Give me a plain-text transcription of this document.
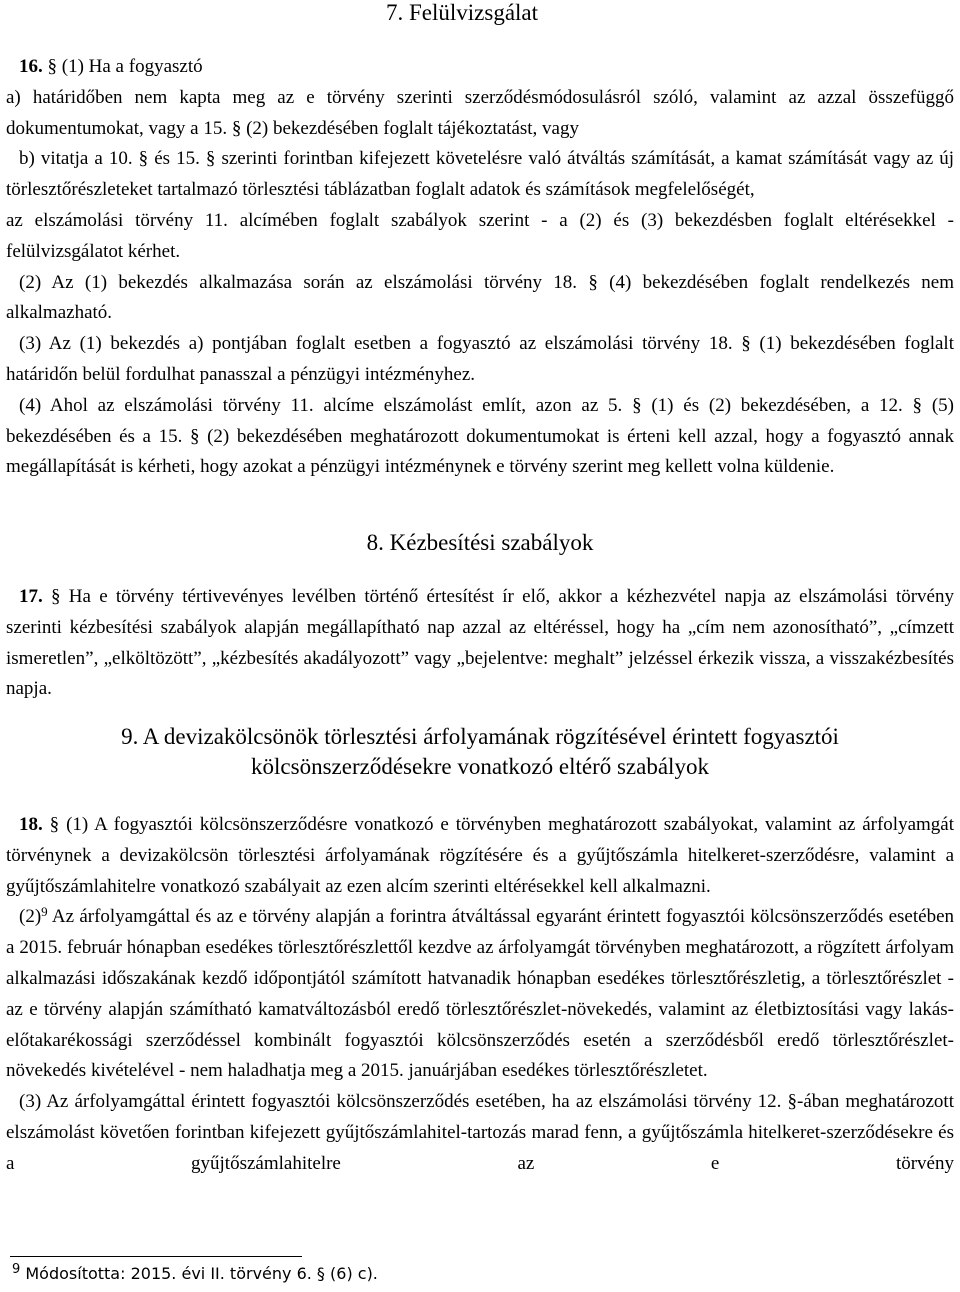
7. Felülvizsgálat

16. § (1) Ha a fogyasztó

a) határidőben nem kapta meg az e törvény szerinti szerződésmódosulásról szóló, valamint az azzal összefüggő dokumentumokat, vagy a 15. § (2) bekezdésében foglalt tájékoztatást, vagy

b) vitatja a 10. § és 15. § szerinti forintban kifejezett követelésre való átváltás számítását, a kamat számítását vagy az új törlesztőrészleteket tartalmazó törlesztési táblázatban foglalt adatok és számítások megfelelőségét,

az elszámolási törvény 11. alcímében foglalt szabályok szerint - a (2) és (3) bekezdésben foglalt eltérésekkel - felülvizsgálatot kérhet.

(2) Az (1) bekezdés alkalmazása során az elszámolási törvény 18. § (4) bekezdésében foglalt rendelkezés nem alkalmazható.

(3) Az (1) bekezdés a) pontjában foglalt esetben a fogyasztó az elszámolási törvény 18. § (1) bekezdésében foglalt határidőn belül fordulhat panasszal a pénzügyi intézményhez.

(4) Ahol az elszámolási törvény 11. alcíme elszámolást említ, azon az 5. § (1) és (2) bekezdésében, a 12. § (5) bekezdésében és a 15. § (2) bekezdésében meghatározott dokumentumokat is érteni kell azzal, hogy a fogyasztó annak megállapítását is kérheti, hogy azokat a pénzügyi intézménynek e törvény szerint meg kellett volna küldenie.

8. Kézbesítési szabályok

17. § Ha e törvény tértivevényes levélben történő értesítést ír elő, akkor a kézhezvétel napja az elszámolási törvény szerinti kézbesítési szabályok alapján megállapítható nap azzal az eltéréssel, hogy ha „cím nem azonosítható”, „címzett ismeretlen”, „elköltözött”, „kézbesítés akadályozott” vagy „bejelentve: meghalt” jelzéssel érkezik vissza, a visszakézbesítés napja.

9. A devizakölcsönök törlesztési árfolyamának rögzítésével érintett fogyasztói
kölcsönszerződésekre vonatkozó eltérő szabályok

18. § (1) A fogyasztói kölcsönszerződésre vonatkozó e törvényben meghatározott szabályokat, valamint az árfolyamgát törvénynek a devizakölcsön törlesztési árfolyamának rögzítésére és a gyűjtőszámla hitelkeret-szerződésre, valamint a gyűjtőszámlahitelre vonatkozó szabályait az ezen alcím szerinti eltérésekkel kell alkalmazni.

$(2)^9$ Az árfolyamgáttal és az e törvény alapján a forintra átváltással egyaránt érintett fogyasztói kölcsönszerződés esetében a 2015. február hónapban esedékes törlesztőrészlettől kezdve az árfolyamgát törvényben meghatározott, a rögzített árfolyam alkalmazási időszakának kezdő időpontjától számított hatvanadik hónapban esedékes törlesztőrészletig, a törlesztőrészlet - az e törvény alapján számítható kamatváltozásból eredő törlesztőrészlet-növekedés, valamint az életbiztosítási vagy lakás-előtakarékossági szerződéssel kombinált fogyasztói kölcsönszerződés esetén a szerződésből eredő törlesztőrészlet-növekedés kivételével - nem haladhatja meg a 2015. januárjában esedékes törlesztőrészletet.

(3) Az árfolyamgáttal érintett fogyasztói kölcsönszerződés esetében, ha az elszámolási törvény 12. §-ában meghatározott elszámolást követően forintban kifejezett gyűjtőszámlahitel-tartozás marad fenn, a gyűjtőszámla hitelkeret-szerződésekre és a gyűjtőszámlahitelre az e törvény

$^9$ Módosította: 2015. évi II. törvény 6. § (6) c).
